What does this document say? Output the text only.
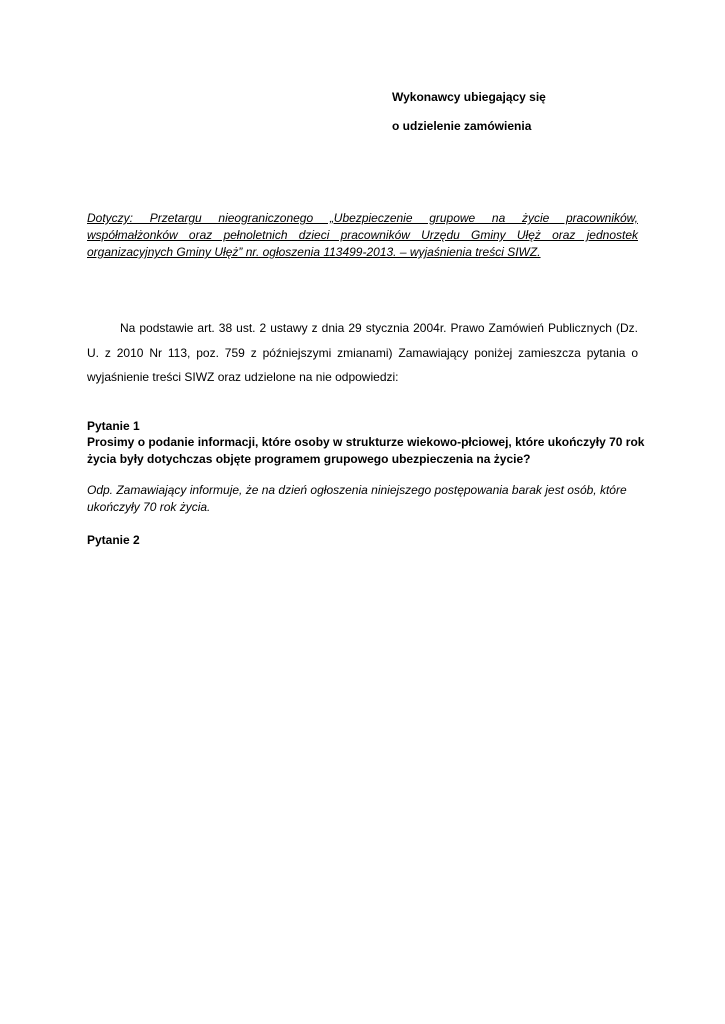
Wykonawcy ubiegający się
o udzielenie zamówienia
Dotyczy: Przetargu nieograniczonego „Ubezpieczenie grupowe na życie pracowników, współmałżonków oraz pełnoletnich dzieci pracowników Urzędu Gminy Ułęż oraz jednostek organizacyjnych Gminy Ułęż” nr. ogłoszenia 113499-2013. – wyjaśnienia treści SIWZ.
Na podstawie art. 38 ust. 2 ustawy z dnia 29 stycznia 2004r. Prawo Zamówień Publicznych (Dz. U. z 2010 Nr 113, poz. 759 z późniejszymi zmianami) Zamawiający poniżej zamieszcza pytania o wyjaśnienie treści SIWZ oraz udzielone na nie odpowiedzi:
Pytanie 1
Prosimy o podanie informacji, które osoby w strukturze wiekowo-płciowej, które ukończyły 70 rok życia były dotychczas objęte programem grupowego ubezpieczenia na życie?
Odp. Zamawiający informuje, że na dzień ogłoszenia niniejszego postępowania barak jest osób, które ukończyły 70 rok życia.
Pytanie 2
